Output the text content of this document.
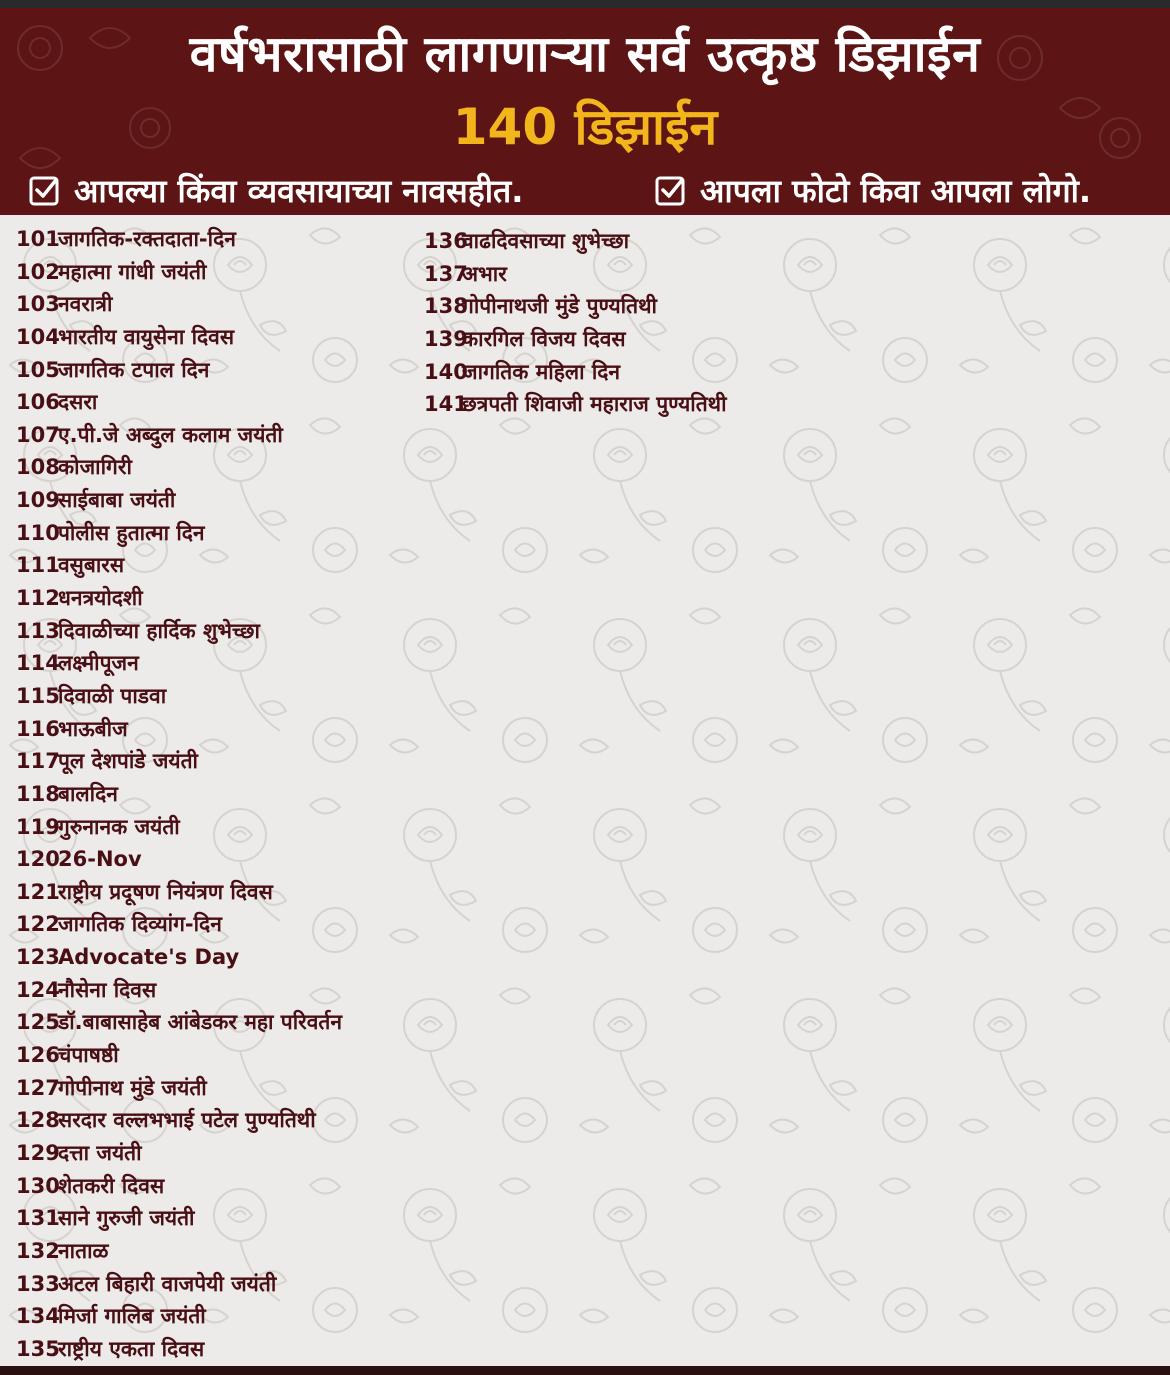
वर्षभरासाठी लागणाऱ्या सर्व उत्कृष्ठ डिझाईन
140 डिझाईन
आपल्या किंवा व्यवसायाच्या नावसहीत.	आपला फोटो किवा आपला लोगो.
101
जागतिक-रक्तदाता-दिन
102
महात्मा गांधी जयंती
103
नवरात्री
104
भारतीय वायुसेना दिवस
105
जागतिक टपाल दिन
106
दसरा
107
ए.पी.जे अब्दुल कलाम जयंती
108
कोजागिरी
109
साईबाबा जयंती
110
पोलीस हुतात्मा दिन
111
वसुबारस
112
धनत्रयोदशी
113
दिवाळीच्या हार्दिक शुभेच्छा
114
लक्ष्मीपूजन
115
दिवाळी पाडवा
116
भाऊबीज
117
पूल देशपांडे जयंती
118
बालदिन
119
गुरुनानक जयंती
120
26-Nov
121
राष्ट्रीय प्रदूषण नियंत्रण दिवस
122
जागतिक दिव्यांग-दिन
123
Advocate's Day
124
नौसेना दिवस
125
डॉ.बाबासाहेब आंबेडकर महा परिवर्तन
126
चंपाषष्ठी
127
गोपीनाथ मुंडे जयंती
128
सरदार वल्लभभाई पटेल पुण्यतिथी
129
दत्ता जयंती
130
शेतकरी दिवस
131
साने गुरुजी जयंती
132
नाताळ
133
अटल बिहारी वाजपेयी जयंती
134
मिर्जा गालिब जयंती
135
राष्ट्रीय एकता दिवस
136
वाढदिवसाच्या शुभेच्छा
137
अभार
138
गोपीनाथजी मुंडे पुण्यतिथी
139
कारगिल विजय दिवस
140
जागतिक महिला दिन
141
छत्रपती शिवाजी महाराज पुण्यतिथी
